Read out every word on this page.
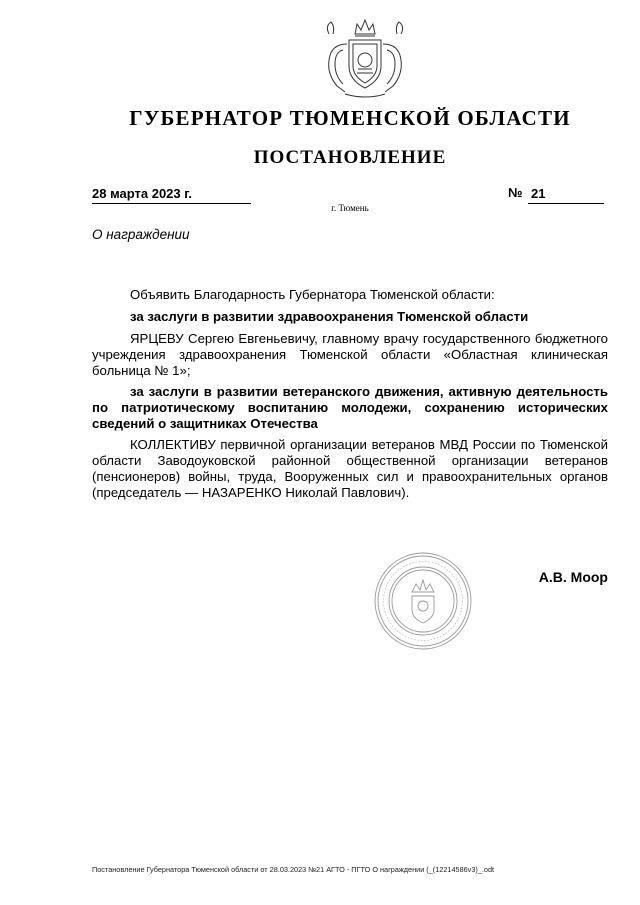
ГУБЕРНАТОР ТЮМЕНСКОЙ ОБЛАСТИ
ПОСТАНОВЛЕНИЕ
28 марта 2023 г.	№ 21
г. Тюмень
О награждении
Объявить Благодарность Губернатора Тюменской области:
за заслуги в развитии здравоохранения Тюменской области
ЯРЦЕВУ Сергею Евгеньевичу, главному врачу государственного бюджетного учреждения здравоохранения Тюменской области «Областная клиническая больница № 1»;
за заслуги в развитии ветеранского движения, активную деятельность по патриотическому воспитанию молодежи, сохранению исторических сведений о защитниках Отечества
КОЛЛЕКТИВУ первичной организации ветеранов МВД России по Тюменской области Заводоуковской районной общественной организации ветеранов (пенсионеров) войны, труда, Вооруженных сил и правоохранительных органов (председатель — НАЗАРЕНКО Николай Павлович).
А.В. Моор
Постановление Губернатора Тюменской области от 28.03.2023 №21 АГТО - ПГТО О награждении (_(12214586v3)_.odt
